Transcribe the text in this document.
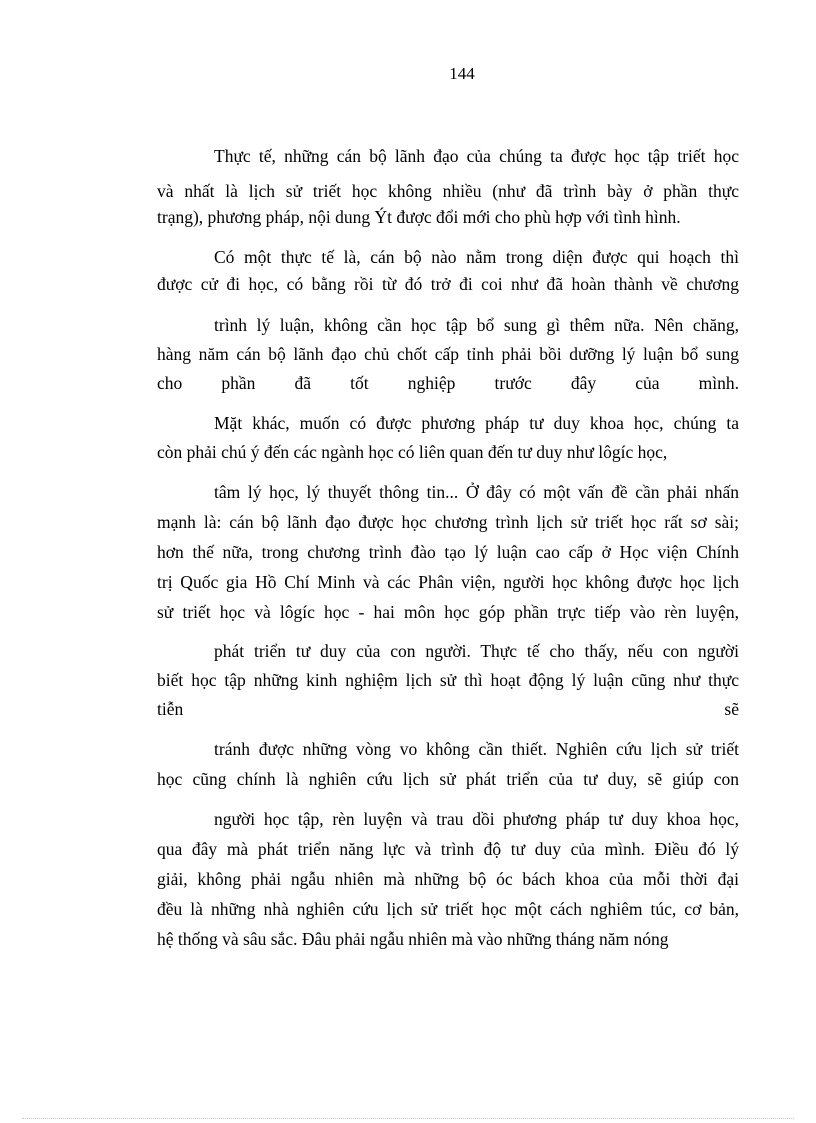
144
Thực tế, những cán bộ lãnh đạo của chúng ta được học tập triết học
và nhất là lịch sử triết học không nhiều (như đã trình bày ở phần thực
trạng), phương pháp, nội dung Ýt được đổi mới cho phù hợp với tình hình.
Có một thực tế là, cán bộ nào nằm trong diện được qui hoạch thì
được cử đi học, có bằng rồi từ đó trở đi coi như đã hoàn thành về chương
trình lý luận, không cần học tập bổ sung gì thêm nữa. Nên chăng,
hàng năm cán bộ lãnh đạo chủ chốt cấp tỉnh phải bồi dưỡng lý luận bổ sung
cho phần đã tốt nghiệp trước đây của mình.
Mặt khác, muốn có được phương pháp tư duy khoa học, chúng ta
còn phải chú ý đến các ngành học có liên quan đến tư duy như lôgíc học,
tâm lý học, lý thuyết thông tin... Ở đây có một vấn đề cần phải nhấn
mạnh là: cán bộ lãnh đạo được học chương trình lịch sử triết học rất sơ sài;
hơn thế nữa, trong chương trình đào tạo lý luận cao cấp ở Học viện Chính
trị Quốc gia Hồ Chí Minh và các Phân viện, người học không được học lịch
sử triết học và lôgíc học - hai môn học góp phần trực tiếp vào rèn luyện,
phát triển tư duy của con người. Thực tế cho thấy, nếu con người
biết học tập những kinh nghiệm lịch sử thì hoạt động lý luận cũng như thực
tiễn sẽ
tránh được những vòng vo không cần thiết. Nghiên cứu lịch sử triết
học cũng chính là nghiên cứu lịch sử phát triển của tư duy, sẽ giúp con
người học tập, rèn luyện và trau dồi phương pháp tư duy khoa học,
qua đây mà phát triển năng lực và trình độ tư duy của mình. Điều đó lý
giải, không phải ngẫu nhiên mà những bộ óc bách khoa của mỗi thời đại
đều là những nhà nghiên cứu lịch sử triết học một cách nghiêm túc, cơ bản,
hệ thống và sâu sắc. Đâu phải ngẫu nhiên mà vào những tháng năm nóng
